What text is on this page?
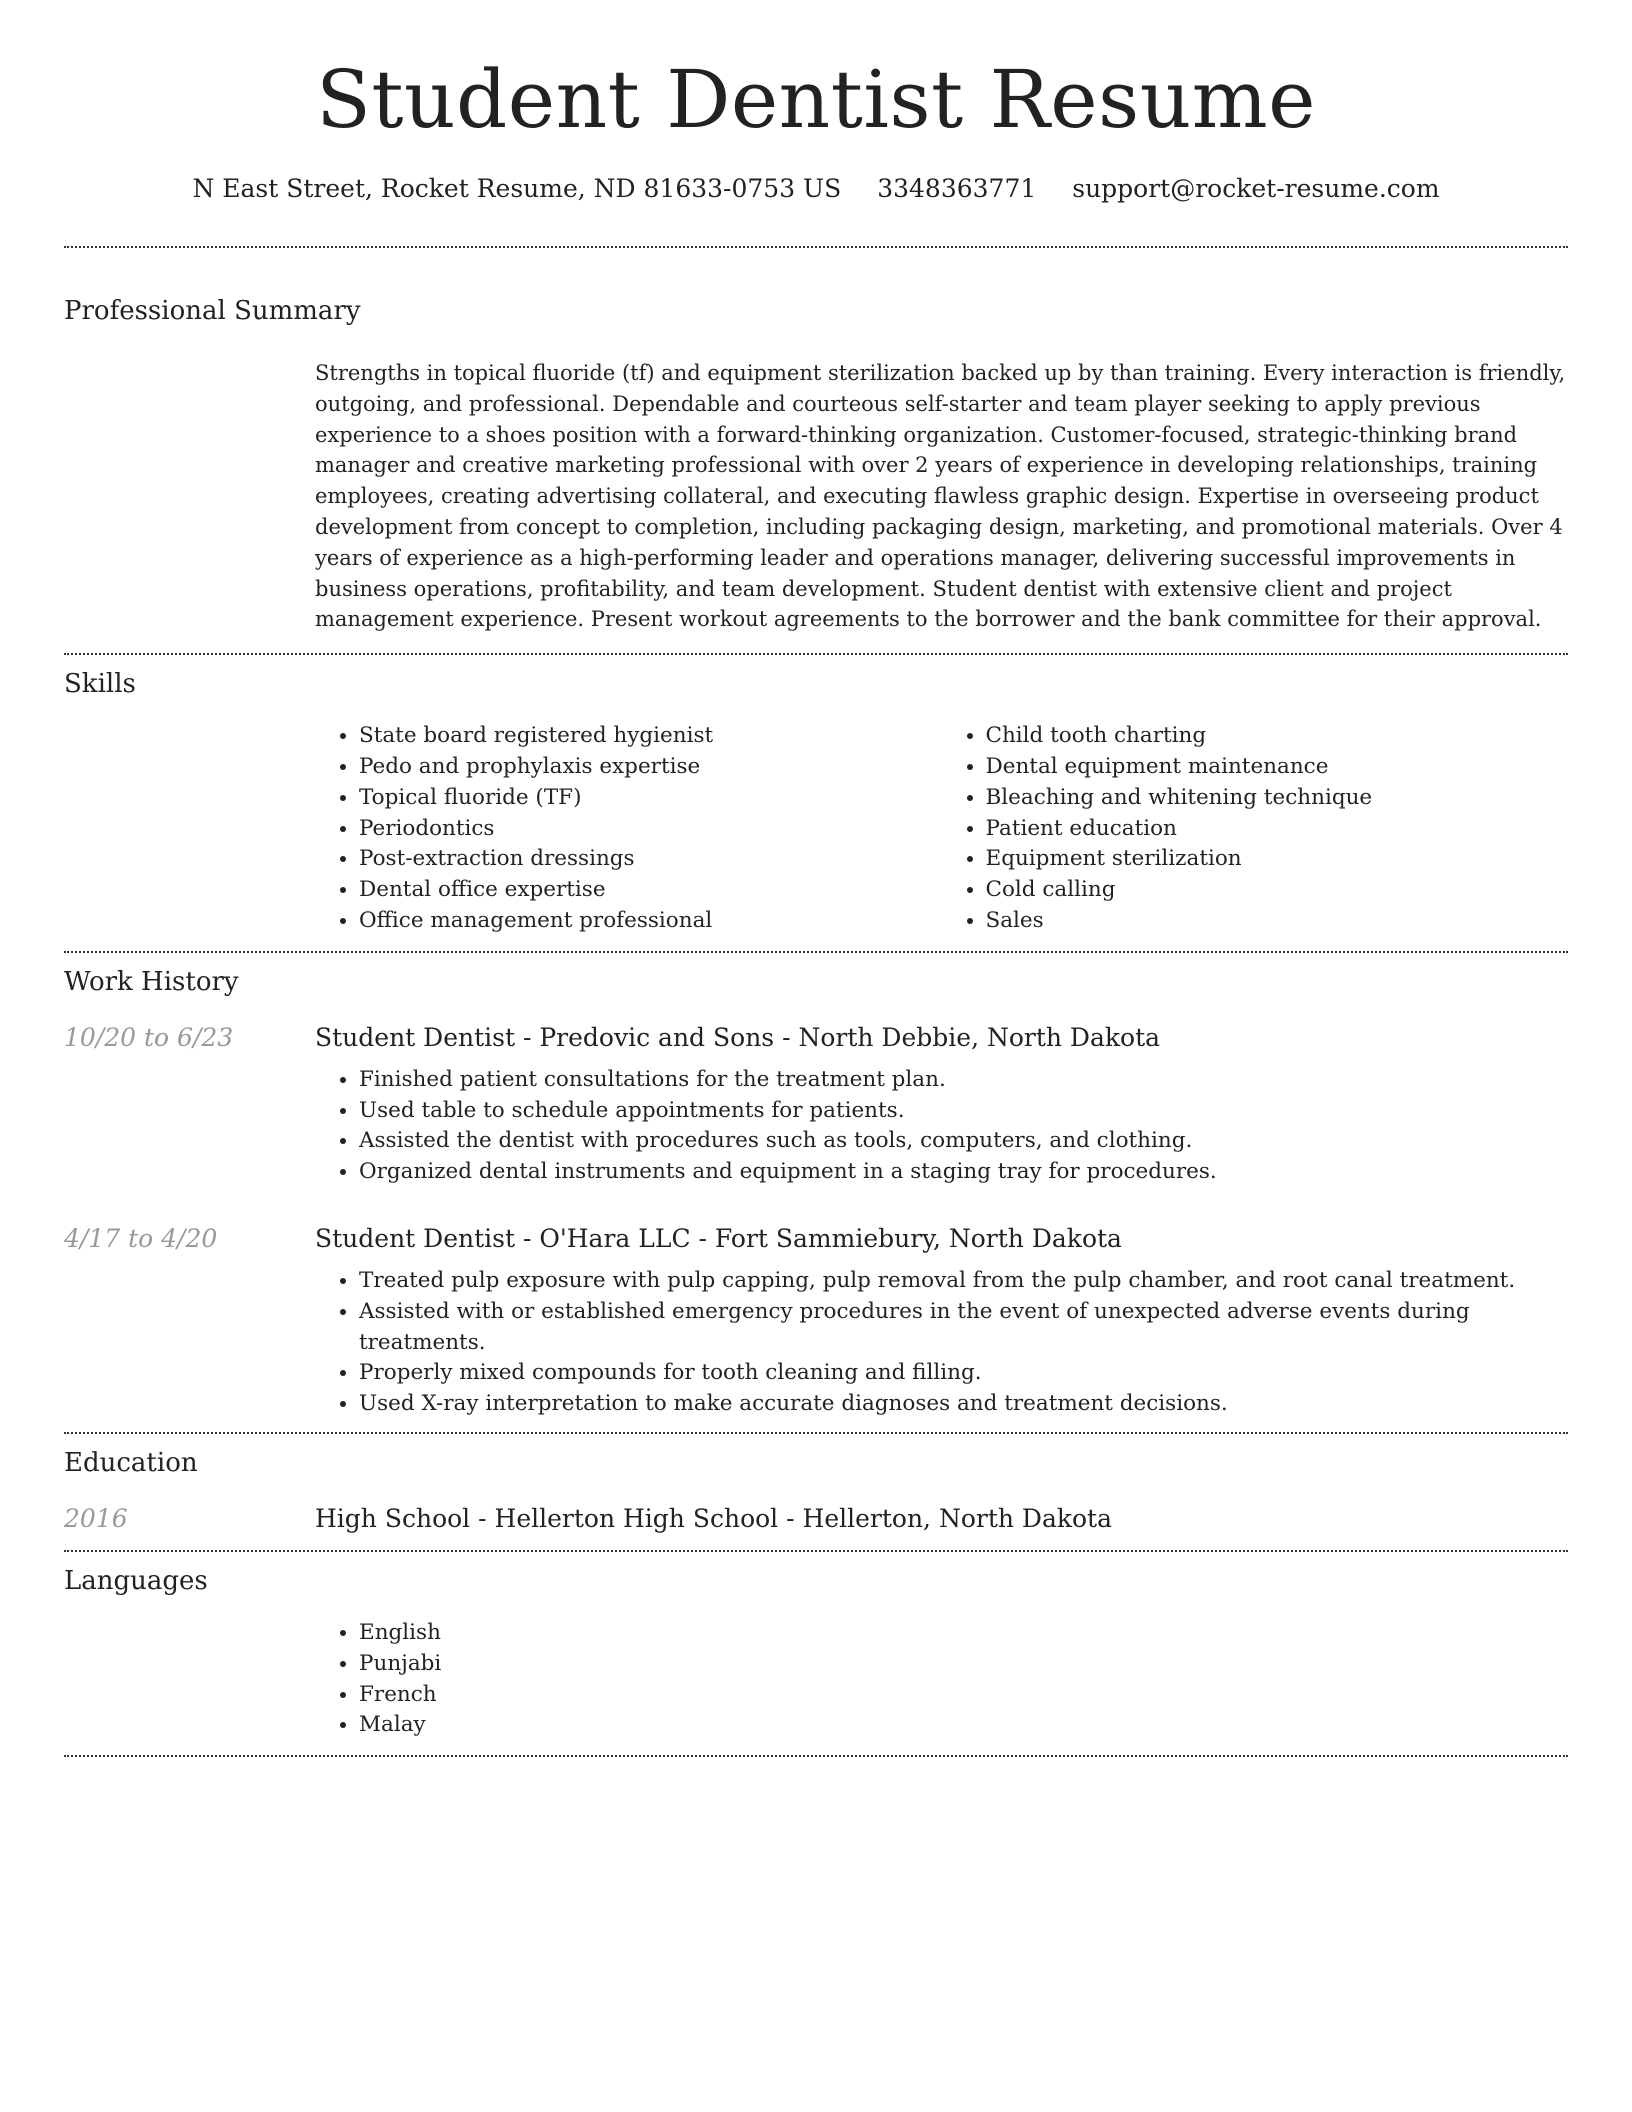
Student Dentist Resume
N East Street, Rocket Resume, ND 81633-0753 US 3348363771 support@rocket-resume.com
Professional Summary
Strengths in topical fluoride (tf) and equipment sterilization backed up by than training. Every interaction is friendly, outgoing, and professional. Dependable and courteous self-starter and team player seeking to apply previous experience to a shoes position with a forward-thinking organization. Customer-focused, strategic-thinking brand manager and creative marketing professional with over 2 years of experience in developing relationships, training employees, creating advertising collateral, and executing flawless graphic design. Expertise in overseeing product development from concept to completion, including packaging design, marketing, and promotional materials. Over 4 years of experience as a high-performing leader and operations manager, delivering successful improvements in business operations, profitability, and team development. Student dentist with extensive client and project management experience. Present workout agreements to the borrower and the bank committee for their approval.
Skills
• State board registered hygienist
• Pedo and prophylaxis expertise
• Topical fluoride (TF)
• Periodontics
• Post-extraction dressings
• Dental office expertise
• Office management professional
• Child tooth charting
• Dental equipment maintenance
• Bleaching and whitening technique
• Patient education
• Equipment sterilization
• Cold calling
• Sales
Work History
10/20 to 6/23	Student Dentist - Predovic and Sons - North Debbie, North Dakota
• Finished patient consultations for the treatment plan.
• Used table to schedule appointments for patients.
• Assisted the dentist with procedures such as tools, computers, and clothing.
• Organized dental instruments and equipment in a staging tray for procedures.
4/17 to 4/20	Student Dentist - O'Hara LLC - Fort Sammiebury, North Dakota
• Treated pulp exposure with pulp capping, pulp removal from the pulp chamber, and root canal treatment.
• Assisted with or established emergency procedures in the event of unexpected adverse events during treatments.
• Properly mixed compounds for tooth cleaning and filling.
• Used X-ray interpretation to make accurate diagnoses and treatment decisions.
Education
2016	High School - Hellerton High School - Hellerton, North Dakota
Languages
• English
• Punjabi
• French
• Malay
